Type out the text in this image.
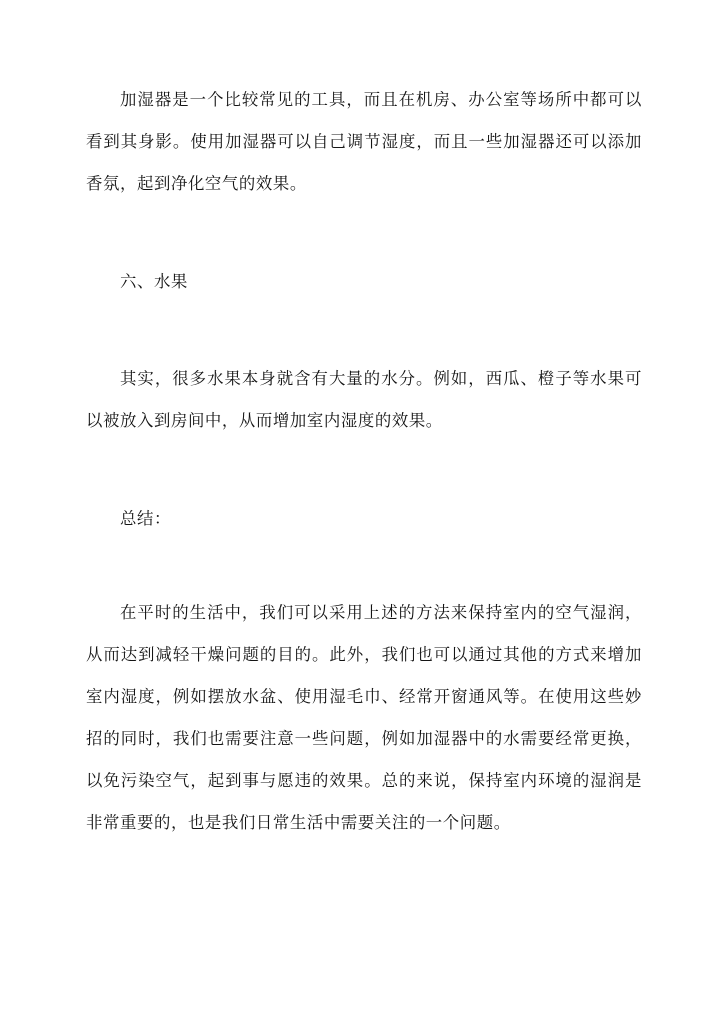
加湿器是一个比较常见的工具，而且在机房、办公室等场所中都可以
看到其身影。使用加湿器可以自己调节湿度，而且一些加湿器还可以添加
香氛，起到净化空气的效果。
六、水果
其实，很多水果本身就含有大量的水分。例如，西瓜、橙子等水果可
以被放入到房间中，从而增加室内湿度的效果。
总结：
在平时的生活中，我们可以采用上述的方法来保持室内的空气湿润，
从而达到减轻干燥问题的目的。此外，我们也可以通过其他的方式来增加
室内湿度，例如摆放水盆、使用湿毛巾、经常开窗通风等。在使用这些妙
招的同时，我们也需要注意一些问题，例如加湿器中的水需要经常更换，
以免污染空气，起到事与愿违的效果。总的来说，保持室内环境的湿润是
非常重要的，也是我们日常生活中需要关注的一个问题。
